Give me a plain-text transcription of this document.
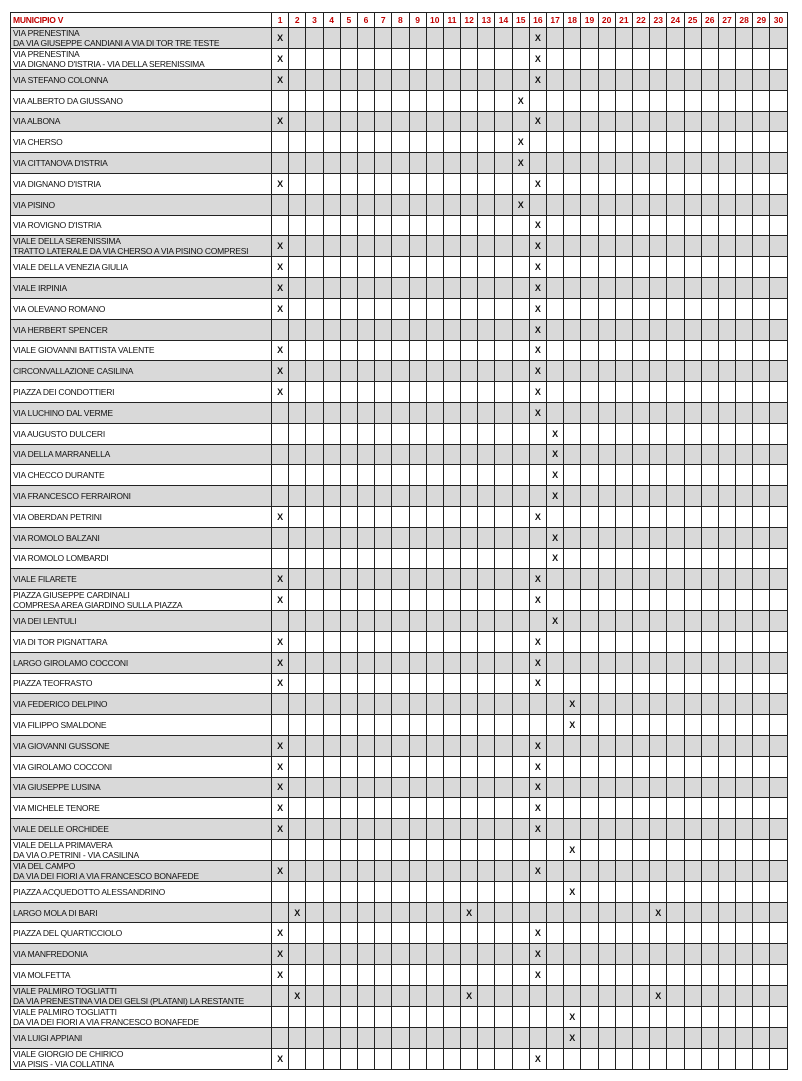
MUNICIPIO V	1	2	3	4	5	6	7	8	9	10	11	12	13	14	15	16	17	18	19	20	21	22	23	24	25	26	27	28	29	30
VIA PRENESTINA
DA VIA GIUSEPPE CANDIANI A VIA DI TOR TRE TESTE	X															X														
VIA PRENESTINA
VIA DIGNANO D'ISTRIA - VIA DELLA SERENISSIMA	X															X														
VIA STEFANO COLONNA	X															X														
VIA ALBERTO DA GIUSSANO															X															
VIA ALBONA	X															X														
VIA CHERSO															X															
VIA CITTANOVA D'ISTRIA															X															
VIA DIGNANO D'ISTRIA	X															X														
VIA PISINO															X															
VIA ROVIGNO D'ISTRIA																X														
VIALE DELLA SERENISSIMA
TRATTO LATERALE DA VIA CHERSO A VIA PISINO COMPRESI	X															X														
VIALE DELLA VENEZIA GIULIA	X															X														
VIALE IRPINIA	X															X														
VIA OLEVANO ROMANO	X															X														
VIA HERBERT SPENCER																X														
VIALE GIOVANNI BATTISTA VALENTE	X															X														
CIRCONVALLAZIONE CASILINA	X															X														
PIAZZA DEI CONDOTTIERI	X															X														
VIA LUCHINO DAL VERME																X														
VIA AUGUSTO DULCERI																	X													
VIA DELLA MARRANELLA																	X													
VIA CHECCO DURANTE																	X													
VIA FRANCESCO FERRAIRONI																	X													
VIA OBERDAN PETRINI	X															X														
VIA ROMOLO BALZANI																	X													
VIA ROMOLO LOMBARDI																	X													
VIALE FILARETE	X															X														
PIAZZA GIUSEPPE CARDINALI
COMPRESA AREA GIARDINO SULLA PIAZZA	X															X														
VIA DEI LENTULI																	X													
VIA DI TOR PIGNATTARA	X															X														
LARGO GIROLAMO COCCONI	X															X														
PIAZZA TEOFRASTO	X															X														
VIA FEDERICO DELPINO																		X												
VIA FILIPPO SMALDONE																		X												
VIA GIOVANNI GUSSONE	X															X														
VIA GIROLAMO COCCONI	X															X														
VIA GIUSEPPE LUSINA	X															X														
VIA MICHELE TENORE	X															X														
VIALE DELLE ORCHIDEE	X															X														
VIALE DELLA PRIMAVERA
DA VIA O.PETRINI - VIA CASILINA																		X												
VIA DEL CAMPO
DA VIA DEI FIORI A VIA FRANCESCO BONAFEDE	X															X														
PIAZZA ACQUEDOTTO ALESSANDRINO																		X												
LARGO MOLA DI BARI		X										X											X							
PIAZZA DEL QUARTICCIOLO	X															X														
VIA MANFREDONIA	X															X														
VIA MOLFETTA	X															X														
VIALE PALMIRO TOGLIATTI
DA VIA PRENESTINA VIA DEI GELSI (PLATANI) LA RESTANTE		X										X											X							
VIALE PALMIRO TOGLIATTI
DA VIA DEI FIORI A VIA FRANCESCO BONAFEDE																		X												
VIA LUIGI APPIANI																		X												
VIALE GIORGIO DE CHIRICO
VIA PISIS - VIA COLLATINA	X															X														
